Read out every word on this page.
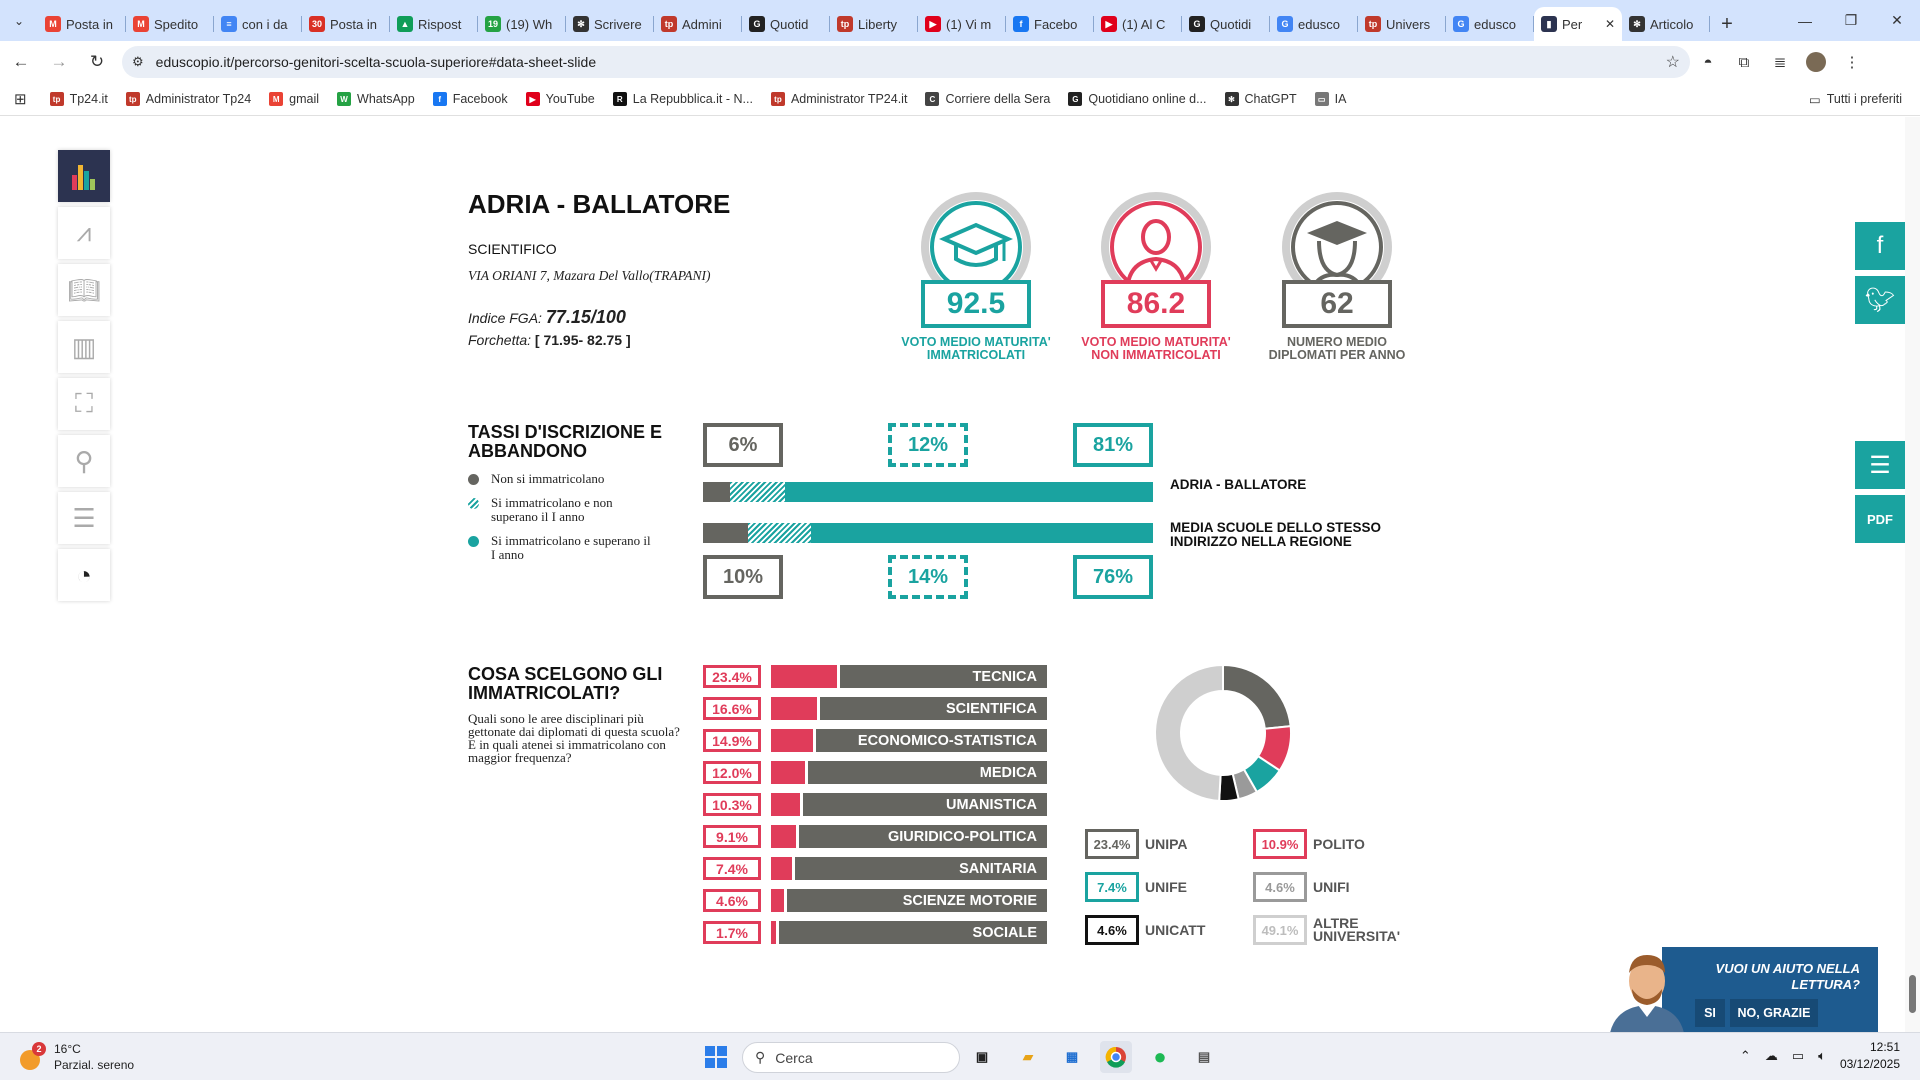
⌄	M Posta in	M Spedito	≡ con i da	30 Posta in	▲ Rispost	19 (19) Wh	✻ Scrivere	tp Admini	G Quotid	tp Liberty	▶ (1) Vi m	f Facebo	▶ (1) Al C	G Quotidi	G edusco	tp Univers	G edusco	▮ Per	✕	✻ Articolo	+	—	❐	✕
←	→	↻	⚙ eduscopio.it/percorso-genitori-scelta-scuola-superiore#data-sheet-slide	☆	◓	⧉	≣	⋮
⊞	tp Tp24.it	tp Administrator Tp24	M gmail	W WhatsApp	f Facebook	▶ YouTube	R La Repubblica.it - N...	tp Administrator TP24.it	C Corriere della Sera	G Quotidiano online d...	✻ ChatGPT	▭ IA	▭ Tutti i preferiti
⩘
📖︎
▥
⛶
⚲
☰
◔
ADRIA - BALLATORE
SCIENTIFICO
VIA ORIANI 7, Mazara Del Vallo(TRAPANI)
Indice FGA: 77.15/100
Forchetta: [ 71.95- 82.75 ]
92.5
VOTO MEDIO MATURITA' IMMATRICOLATI
86.2
VOTO MEDIO MATURITA' NON IMMATRICOLATI
62
NUMERO MEDIO DIPLOMATI PER ANNO
TASSI D'ISCRIZIONE E ABBANDONO
Non si immatricolano
Si immatricolano e non superano il I anno
Si immatricolano e superano il I anno
6%	12%	81%
ADRIA - BALLATORE
MEDIA SCUOLE DELLO STESSO INDIRIZZO NELLA REGIONE
10%	14%	76%
COSA SCELGONO GLI IMMATRICOLATI?
Quali sono le aree disciplinari più gettonate dai diplomati di questa scuola?
E in quali atenei si immatricolano con maggior frequenza?
23.4%	TECNICA
16.6%	SCIENTIFICA
14.9%	ECONOMICO-STATISTICA
12.0%	MEDICA
10.3%	UMANISTICA
9.1%	GIURIDICO-POLITICA
7.4%	SANITARIA
4.6%	SCIENZE MOTORIE
1.7%	SOCIALE
23.4%	UNIPA	10.9%	POLITO
7.4%	UNIFE	4.6%	UNIFI
4.6%	UNICATT	49.1%	ALTRE UNIVERSITA'
f
🐦︎
☰
PDF
VUOI UN AIUTO NELLA LETTURA?
SI	NO, GRAZIE
2	16°C
Parzial. sereno	⚲ Cerca	▣	▰	▦	●	▤	⌃ ☁ ▭ 🔈︎
12:51
03/12/2025
